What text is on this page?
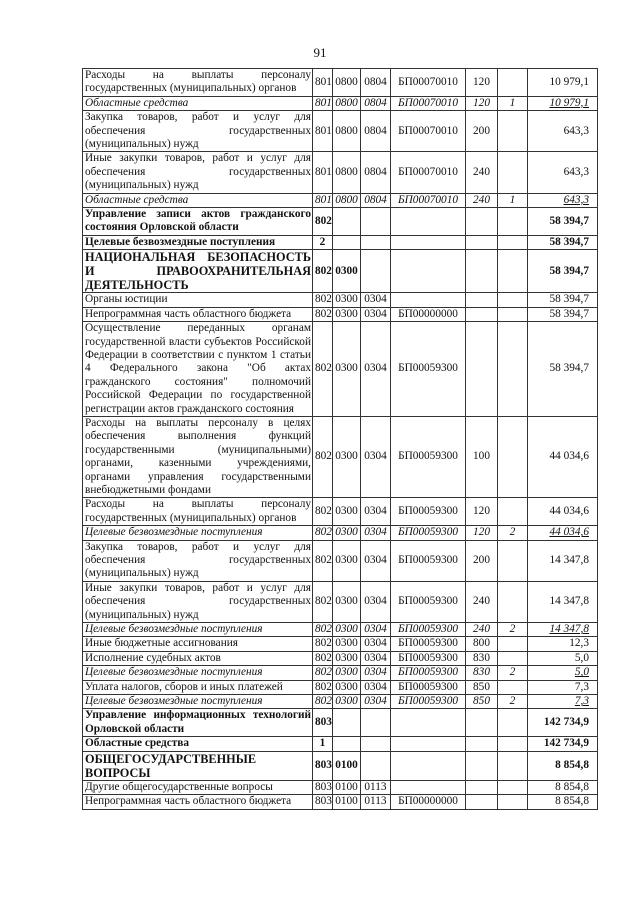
91
Расходы на выплаты персоналу государственных (муниципальных) органов	801	0800	0804	БП00070010	120		10 979,1
Областные средства	801	0800	0804	БП00070010	120	1	10 979,1
Закупка товаров, работ и услуг для обеспечения государственных (муниципальных) нужд	801	0800	0804	БП00070010	200		643,3
Иные закупки товаров, работ и услуг для обеспечения государственных (муниципальных) нужд	801	0800	0804	БП00070010	240		643,3
Областные средства	801	0800	0804	БП00070010	240	1	643,3
Управление записи актов гражданского состояния Орловской области	802						58 394,7
Целевые безвозмездные поступления	2						58 394,7
НАЦИОНАЛЬНАЯ БЕЗОПАСНОСТЬ И ПРАВООХРАНИТЕЛЬНАЯ ДЕЯТЕЛЬНОСТЬ	802	0300					58 394,7
Органы юстиции	802	0300	0304				58 394,7
Непрограммная часть областного бюджета	802	0300	0304	БП00000000			58 394,7
Осуществление переданных органам государственной власти субъектов Российской Федерации в соответствии с пунктом 1 статьи 4 Федерального закона "Об актах гражданского состояния" полномочий Российской Федерации по государственной регистрации актов гражданского состояния	802	0300	0304	БП00059300			58 394,7
Расходы на выплаты персоналу в целях обеспечения выполнения функций государственными (муниципальными) органами, казенными учреждениями, органами управления государственными внебюджетными фондами	802	0300	0304	БП00059300	100		44 034,6
Расходы на выплаты персоналу государственных (муниципальных) органов	802	0300	0304	БП00059300	120		44 034,6
Целевые безвозмездные поступления	802	0300	0304	БП00059300	120	2	44 034,6
Закупка товаров, работ и услуг для обеспечения государственных (муниципальных) нужд	802	0300	0304	БП00059300	200		14 347,8
Иные закупки товаров, работ и услуг для обеспечения государственных (муниципальных) нужд	802	0300	0304	БП00059300	240		14 347,8
Целевые безвозмездные поступления	802	0300	0304	БП00059300	240	2	14 347,8
Иные бюджетные ассигнования	802	0300	0304	БП00059300	800		12,3
Исполнение судебных актов	802	0300	0304	БП00059300	830		5,0
Целевые безвозмездные поступления	802	0300	0304	БП00059300	830	2	5,0
Уплата налогов, сборов и иных платежей	802	0300	0304	БП00059300	850		7,3
Целевые безвозмездные поступления	802	0300	0304	БП00059300	850	2	7,3
Управление информационных технологий Орловской области	803						142 734,9
Областные средства	1						142 734,9
ОБЩЕГОСУДАРСТВЕННЫЕ ВОПРОСЫ	803	0100					8 854,8
Другие общегосударственные вопросы	803	0100	0113				8 854,8
Непрограммная часть областного бюджета	803	0100	0113	БП00000000			8 854,8
